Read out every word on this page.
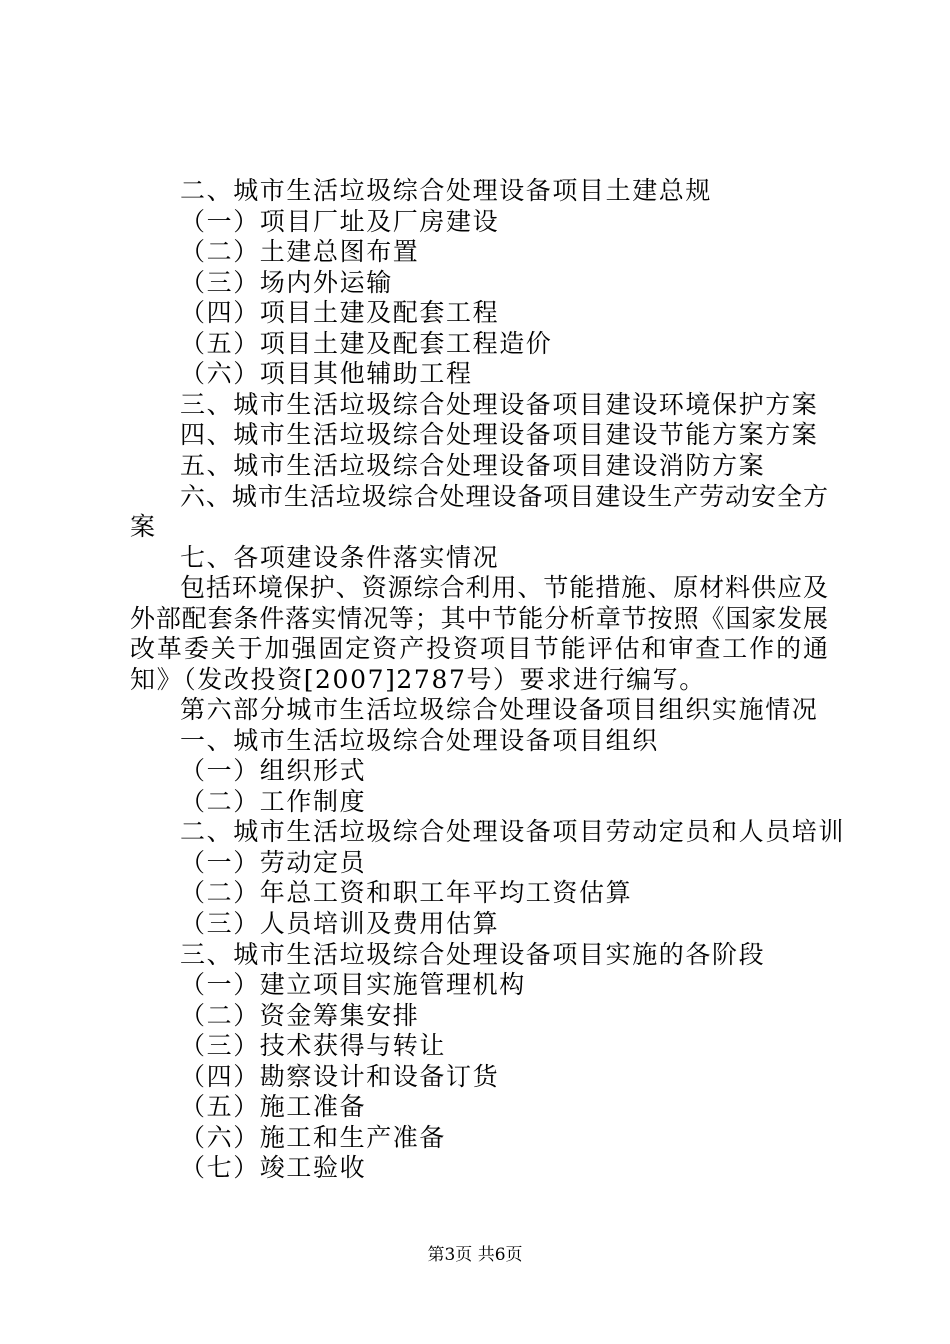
二、城市生活垃圾综合处理设备项目土建总规
（一）项目厂址及厂房建设
（二）土建总图布置
（三）场内外运输
（四）项目土建及配套工程
（五）项目土建及配套工程造价
（六）项目其他辅助工程
三、城市生活垃圾综合处理设备项目建设环境保护方案
四、城市生活垃圾综合处理设备项目建设节能方案方案
五、城市生活垃圾综合处理设备项目建设消防方案
六、城市生活垃圾综合处理设备项目建设生产劳动安全方
案
七、各项建设条件落实情况
包括环境保护、资源综合利用、节能措施、原材料供应及
外部配套条件落实情况等；其中节能分析章节按照《国家发展
改革委关于加强固定资产投资项目节能评估和审查工作的通
知》（发改投资[2007]2787号）要求进行编写。
第六部分城市生活垃圾综合处理设备项目组织实施情况
一、城市生活垃圾综合处理设备项目组织
（一）组织形式
（二）工作制度
二、城市生活垃圾综合处理设备项目劳动定员和人员培训
（一）劳动定员
（二）年总工资和职工年平均工资估算
（三）人员培训及费用估算
三、城市生活垃圾综合处理设备项目实施的各阶段
（一）建立项目实施管理机构
（二）资金筹集安排
（三）技术获得与转让
（四）勘察设计和设备订货
（五）施工准备
（六）施工和生产准备
（七）竣工验收
第3页 共6页
